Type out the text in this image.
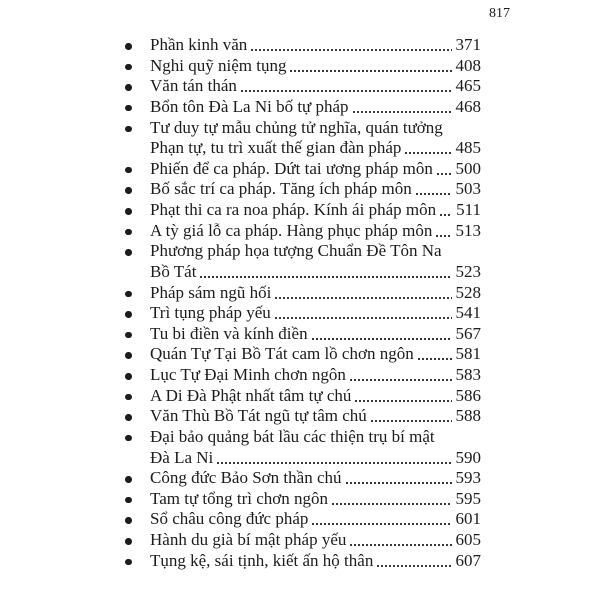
817
Phần kinh văn	371
Nghi quỹ niệm tụng	408
Văn tán thán	465
Bổn tôn Đà La Ni bố tự pháp	468
Tư duy tự mẫu chủng tử nghĩa, quán tưởng
Phạn tự, tu trì xuất thế gian đàn pháp	485
Phiến để ca pháp. Dứt tai ương pháp môn 500
Bố sắc trí ca pháp. Tăng ích pháp môn	503
Phạt thi ca ra noa pháp. Kính ái pháp môn 511
A tỳ giá lỗ ca pháp. Hàng phục pháp môn 513
Phương pháp họa tượng Chuẩn Đề Tôn Na
Bồ Tát	523
Pháp sám ngũ hối	528
Trì tụng pháp yếu	541
Tu bi điền và kính điền	567
Quán Tự Tại Bồ Tát cam lồ chơn ngôn 581
Lục Tự Đại Minh chơn ngôn	583
A Di Đà Phật nhất tâm tự chú	586
Văn Thù Bồ Tát ngũ tự tâm chú	588
Đại bảo quảng bát lầu các thiện trụ bí mật
Đà La Ni	590
Công đức Bảo Sơn thần chú	593
Tam tự tổng trì chơn ngôn	595
Sổ châu công đức pháp	601
Hành du già bí mật pháp yếu	605
Tụng kệ, sái tịnh, kiết ấn hộ thân	607
